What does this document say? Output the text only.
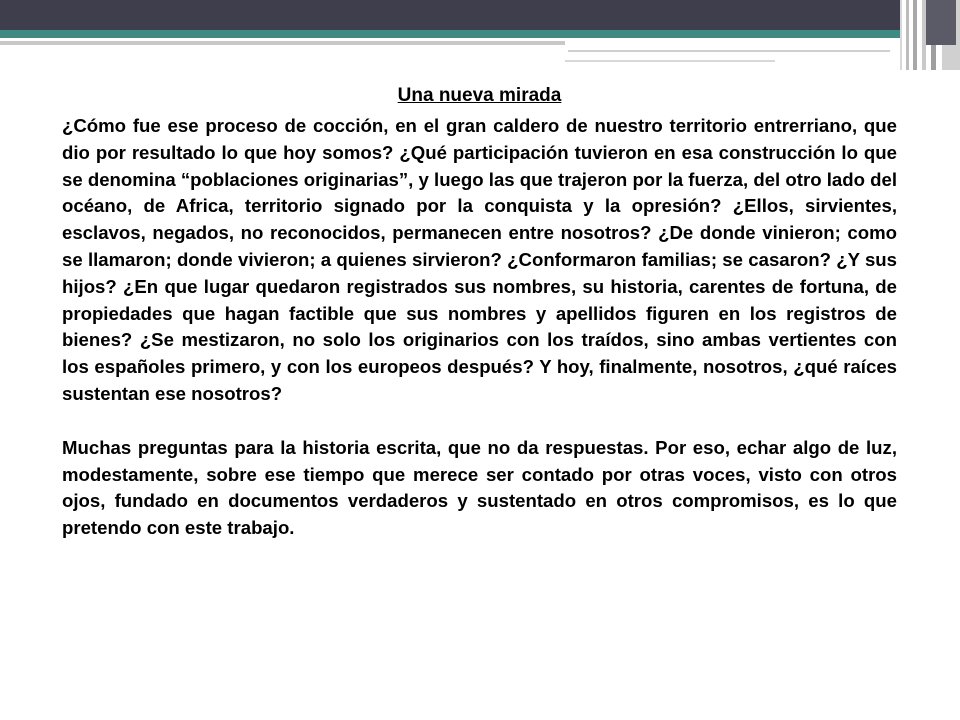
Una nueva mirada

¿Cómo fue ese proceso de cocción, en el gran caldero de nuestro territorio entrerriano, que dio por resultado lo que hoy somos? ¿Qué participación tuvieron en esa construcción lo que se denomina “poblaciones originarias”, y luego las que trajeron por la fuerza, del otro lado del océano, de Africa, territorio signado por la conquista y la opresión? ¿Ellos, sirvientes, esclavos, negados, no reconocidos, permanecen entre nosotros? ¿De donde vinieron; como se llamaron; donde vivieron; a quienes sirvieron? ¿Conformaron familias; se casaron? ¿Y sus hijos? ¿En que lugar quedaron registrados sus nombres, su historia, carentes de fortuna, de propiedades que hagan factible que sus nombres y apellidos figuren en los registros de bienes? ¿Se mestizaron, no solo los originarios con los traídos, sino ambas vertientes con los españoles primero, y con los europeos después? Y hoy, finalmente, nosotros, ¿qué raíces sustentan ese nosotros?

Muchas preguntas para la historia escrita, que no da respuestas. Por eso, echar algo de luz, modestamente, sobre ese tiempo que merece ser contado por otras voces, visto con otros ojos, fundado en documentos verdaderos y sustentado en otros compromisos, es lo que pretendo con este trabajo.
